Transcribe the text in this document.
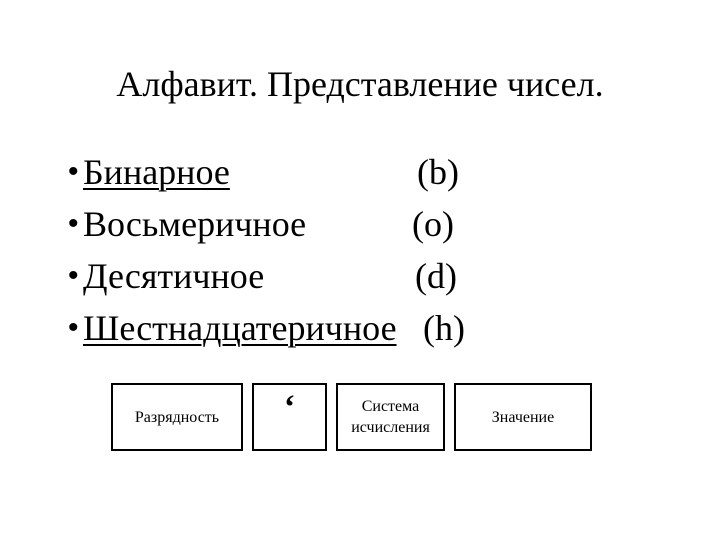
Алфавит. Представление чисел.
• Бинарное	(b)
• Восьмеричное	(o)
• Десятичное	(d)
• Шестнадцатеричное (h)
Разрядность	‘	Система
исчисления
Значение
